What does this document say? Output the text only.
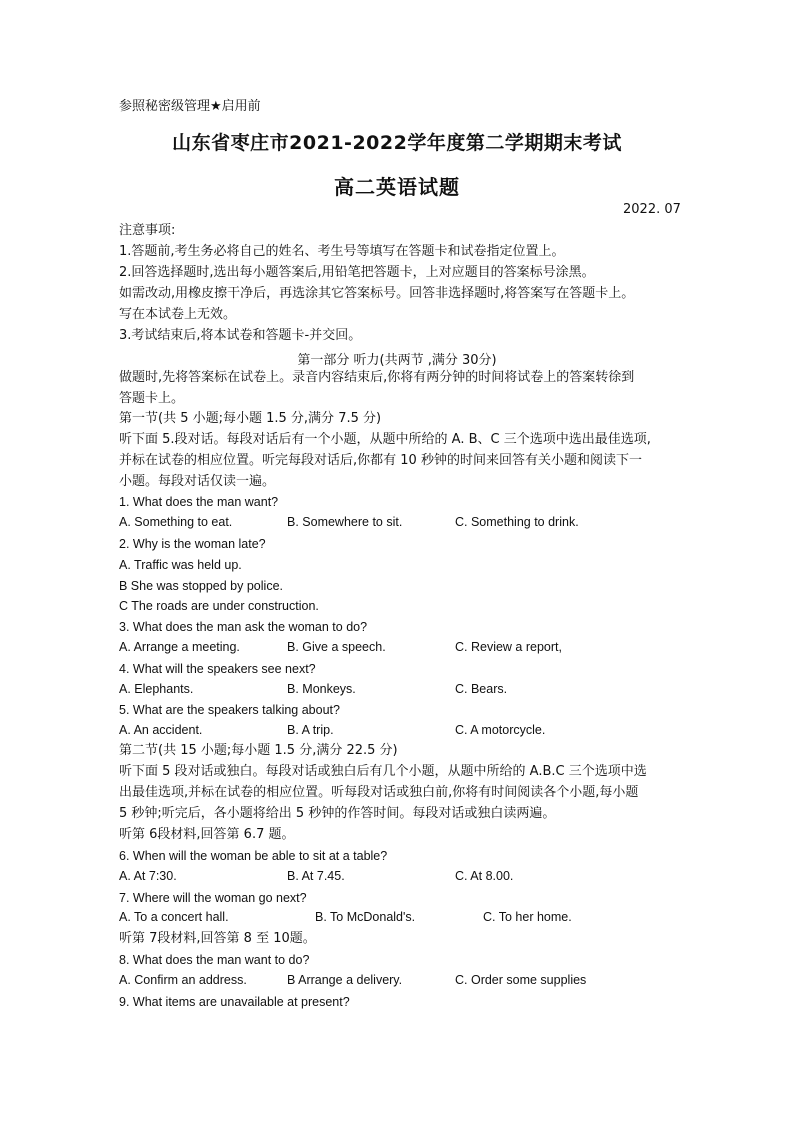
参照秘密级管理★启用前
山东省枣庄市2021-2022学年度第二学期期末考试
高二英语试题
2022. 07
注意事项:
1.答题前,考生务必将自己的姓名、考生号等填写在答题卡和试卷指定位置上。
2.回答选择题时,选出每小题答案后,用铅笔把答题卡，上对应题目的答案标号涂黑。
如需改动,用橡皮擦干净后，再选涂其它答案标号。回答非选择题时,将答案写在答题卡上。
写在本试卷上无效。
3.考试结束后,将本试卷和答题卡-并交回。
第一部分 听力(共两节 ,满分 30分)
做题时,先将答案标在试卷上。录音内容结束后,你将有两分钟的时间将试卷上的答案转徐到
答题卡上。
第一节(共 5 小题;每小题 1.5 分,满分 7.5 分)
听下面 5.段对话。每段对话后有一个小题，从题中所给的 A. B、C 三个选项中选出最佳选项,
并标在试卷的相应位置。听完每段对话后,你都有 10 秒钟的时间来回答有关小题和阅读下一
小题。每段对话仅读一遍。
1. What does the man want?
A. Something to eat.	B. Somewhere to sit.	C. Something to drink.
2. Why is the woman late?
A. Traffic was held up.
B She was stopped by police.
C The roads are under construction.
3. What does the man ask the woman to do?
A. Arrange a meeting.	B. Give a speech.	C. Review a report,
4. What will the speakers see next?
A. Elephants.	B. Monkeys.	C. Bears.
5. What are the speakers talking about?
A. An accident.	B. A trip.	C. A motorcycle.
第二节(共 15 小题;每小题 1.5 分,满分 22.5 分)
听下面 5 段对话或独白。每段对话或独白后有几个小题，从题中所给的 A.B.C 三个选项中选
出最佳选项,并标在试卷的相应位置。听每段对话或独白前,你将有时间阅读各个小题,每小题
5 秒钟;听完后，各小题将给出 5 秒钟的作答时间。每段对话或独白读两遍。
听第 6段材料,回答第 6.7 题。
6. When will the woman be able to sit at a table?
A. At 7:30.	B. At 7.45.	C. At 8.00.
7. Where will the woman go next?
A. To a concert hall.	B. To McDonald's.	C. To her home.
听第 7段材料,回答第 8 至 10题。
8. What does the man want to do?
A. Confirm an address.	B Arrange a delivery.	C. Order some supplies
9. What items are unavailable at present?
